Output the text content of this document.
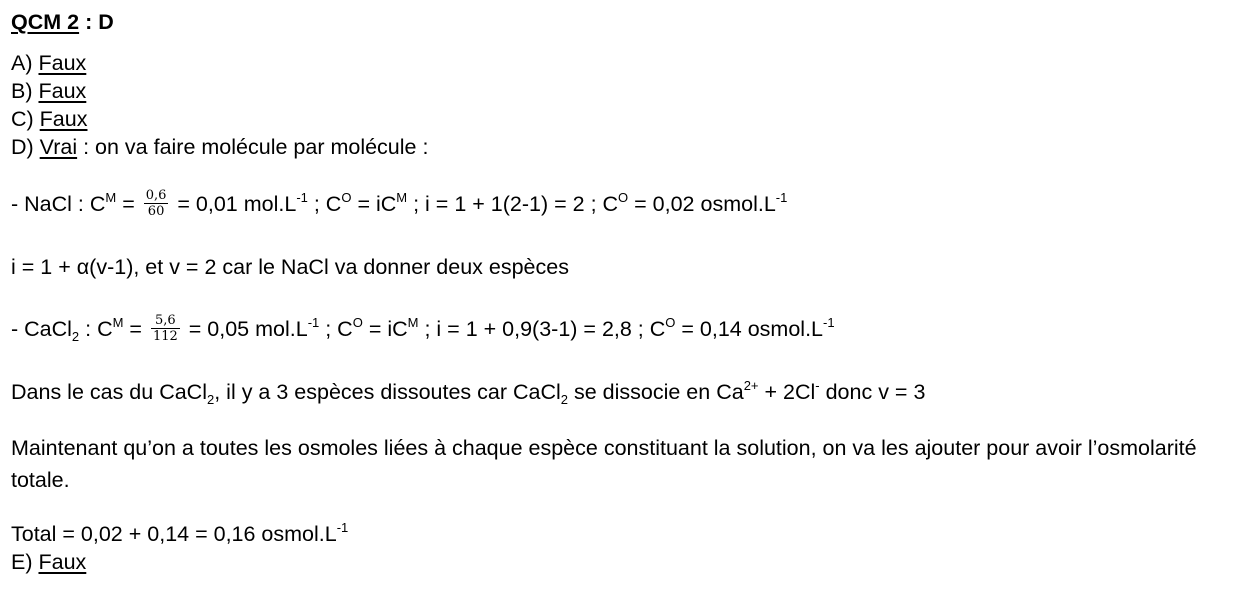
QCM 2 : D
A) Faux
B) Faux
C) Faux
D) Vrai : on va faire molécule par molécule :
- NaCl : $C^M = \frac{0,6}{60} = 0,01$ $mol.L^{-1}$ ; $C^O = iC^M$ ; i = 1 + 1(2-1) = 2 ; $C^O = 0,02$ $osmol.L^{-1}$
i = 1 + α(v-1), et v = 2 car le NaCl va donner deux espèces
- CaCl$_2$ : $C^M = \frac{5,6}{112} = 0,05$ $mol.L^{-1}$ ; $C^O = iC^M$ ; i = 1 + 0,9(3-1) = 2,8 ; $C^O = 0,14$ $osmol.L^{-1}$
Dans le cas du CaCl$_2$, il y a 3 espèces dissoutes car CaCl$_2$ se dissocie en $Ca^{2+} + 2Cl^-$ donc v = 3
Maintenant qu’on a toutes les osmoles liées à chaque espèce constituant la solution, on va les ajouter pour avoir l’osmolarité totale.
Total = 0,02 + 0,14 = 0,16 $osmol.L^{-1}$
E) Faux
